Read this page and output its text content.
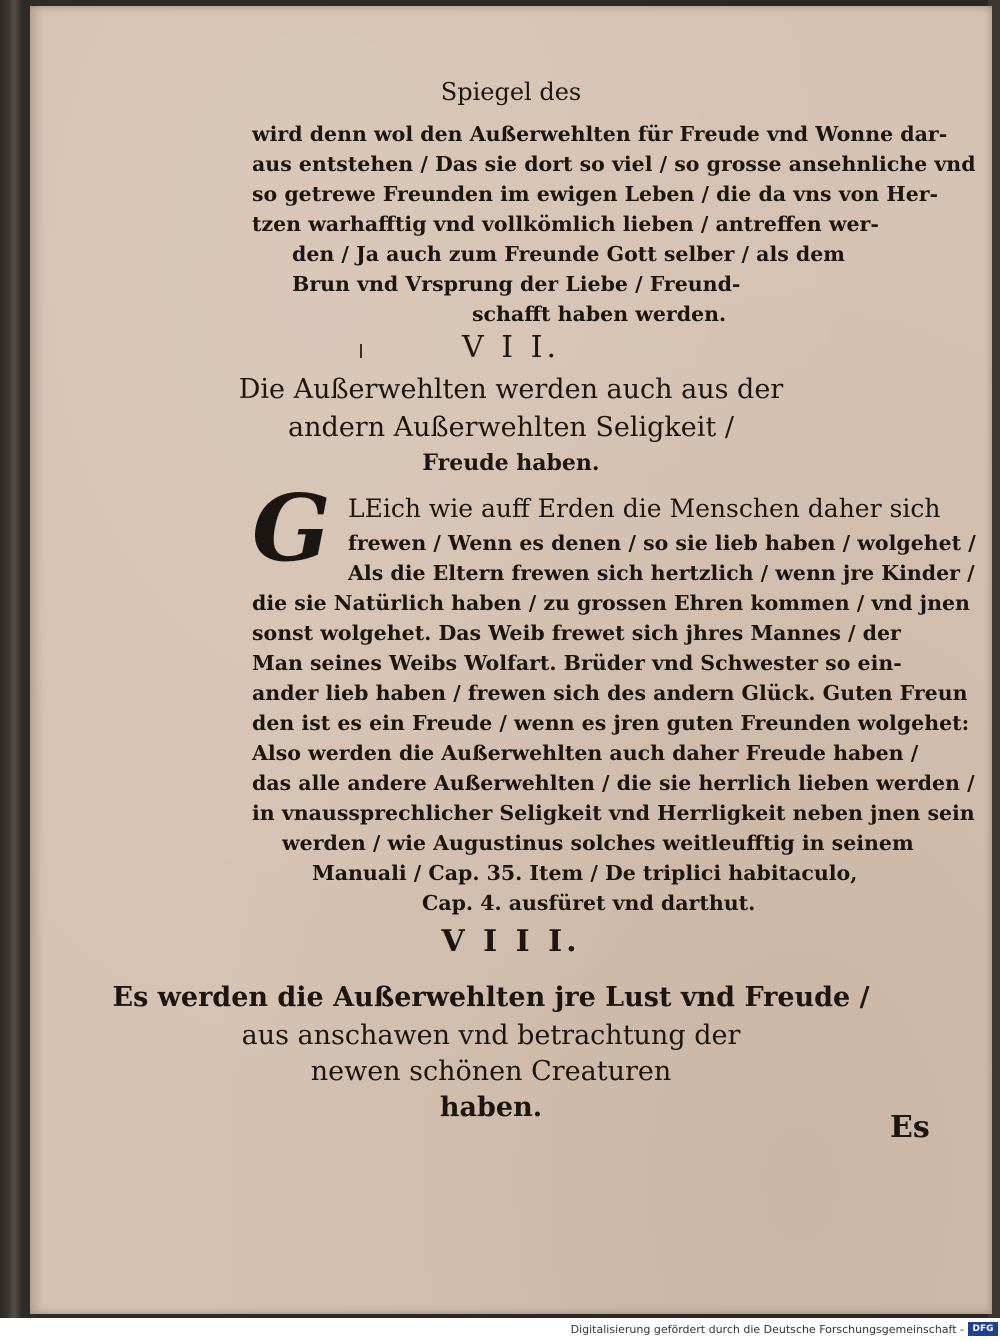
Spiegel des
wird denn wol den Außerwehlten für Freude vnd Wonne dar-
aus entstehen / Das sie dort so viel / so grosse ansehnliche vnd
so getrewe Freunden im ewigen Leben / die da vns von Her-
tzen warhafftig vnd vollkömlich lieben / antreffen wer-
den / Ja auch zum Freunde Gott selber / als dem
Brun vnd Vrsprung der Liebe / Freund-
schafft haben werden.
V I I.
Die Außerwehlten werden auch aus der
andern Außerwehlten Seligkeit /
Freude haben.
G LEich wie auff Erden die Menschen daher sich
frewen / Wenn es denen / so sie lieb haben / wolgehet /
Als die Eltern frewen sich hertzlich / wenn jre Kinder /
die sie Natürlich haben / zu grossen Ehren kommen / vnd jnen
sonst wolgehet. Das Weib frewet sich jhres Mannes / der
Man seines Weibs Wolfart. Brüder vnd Schwester so ein-
ander lieb haben / frewen sich des andern Glück. Guten Freun
den ist es ein Freude / wenn es jren guten Freunden wolgehet:
Also werden die Außerwehlten auch daher Freude haben /
das alle andere Außerwehlten / die sie herrlich lieben werden /
in vnaussprechlicher Seligkeit vnd Herrligkeit neben jnen sein
werden / wie Augustinus solches weitleufftig in seinem
Manuali / Cap. 35. Item / De triplici habitaculo,
Cap. 4. ausfüret vnd darthut.
V I I I.
Es werden die Außerwehlten jre Lust vnd Freude /
aus anschawen vnd betrachtung der
newen schönen Creaturen
haben.
Es
Digitalisierung gefördert durch die Deutsche Forschungsgemeinschaft - DFG
